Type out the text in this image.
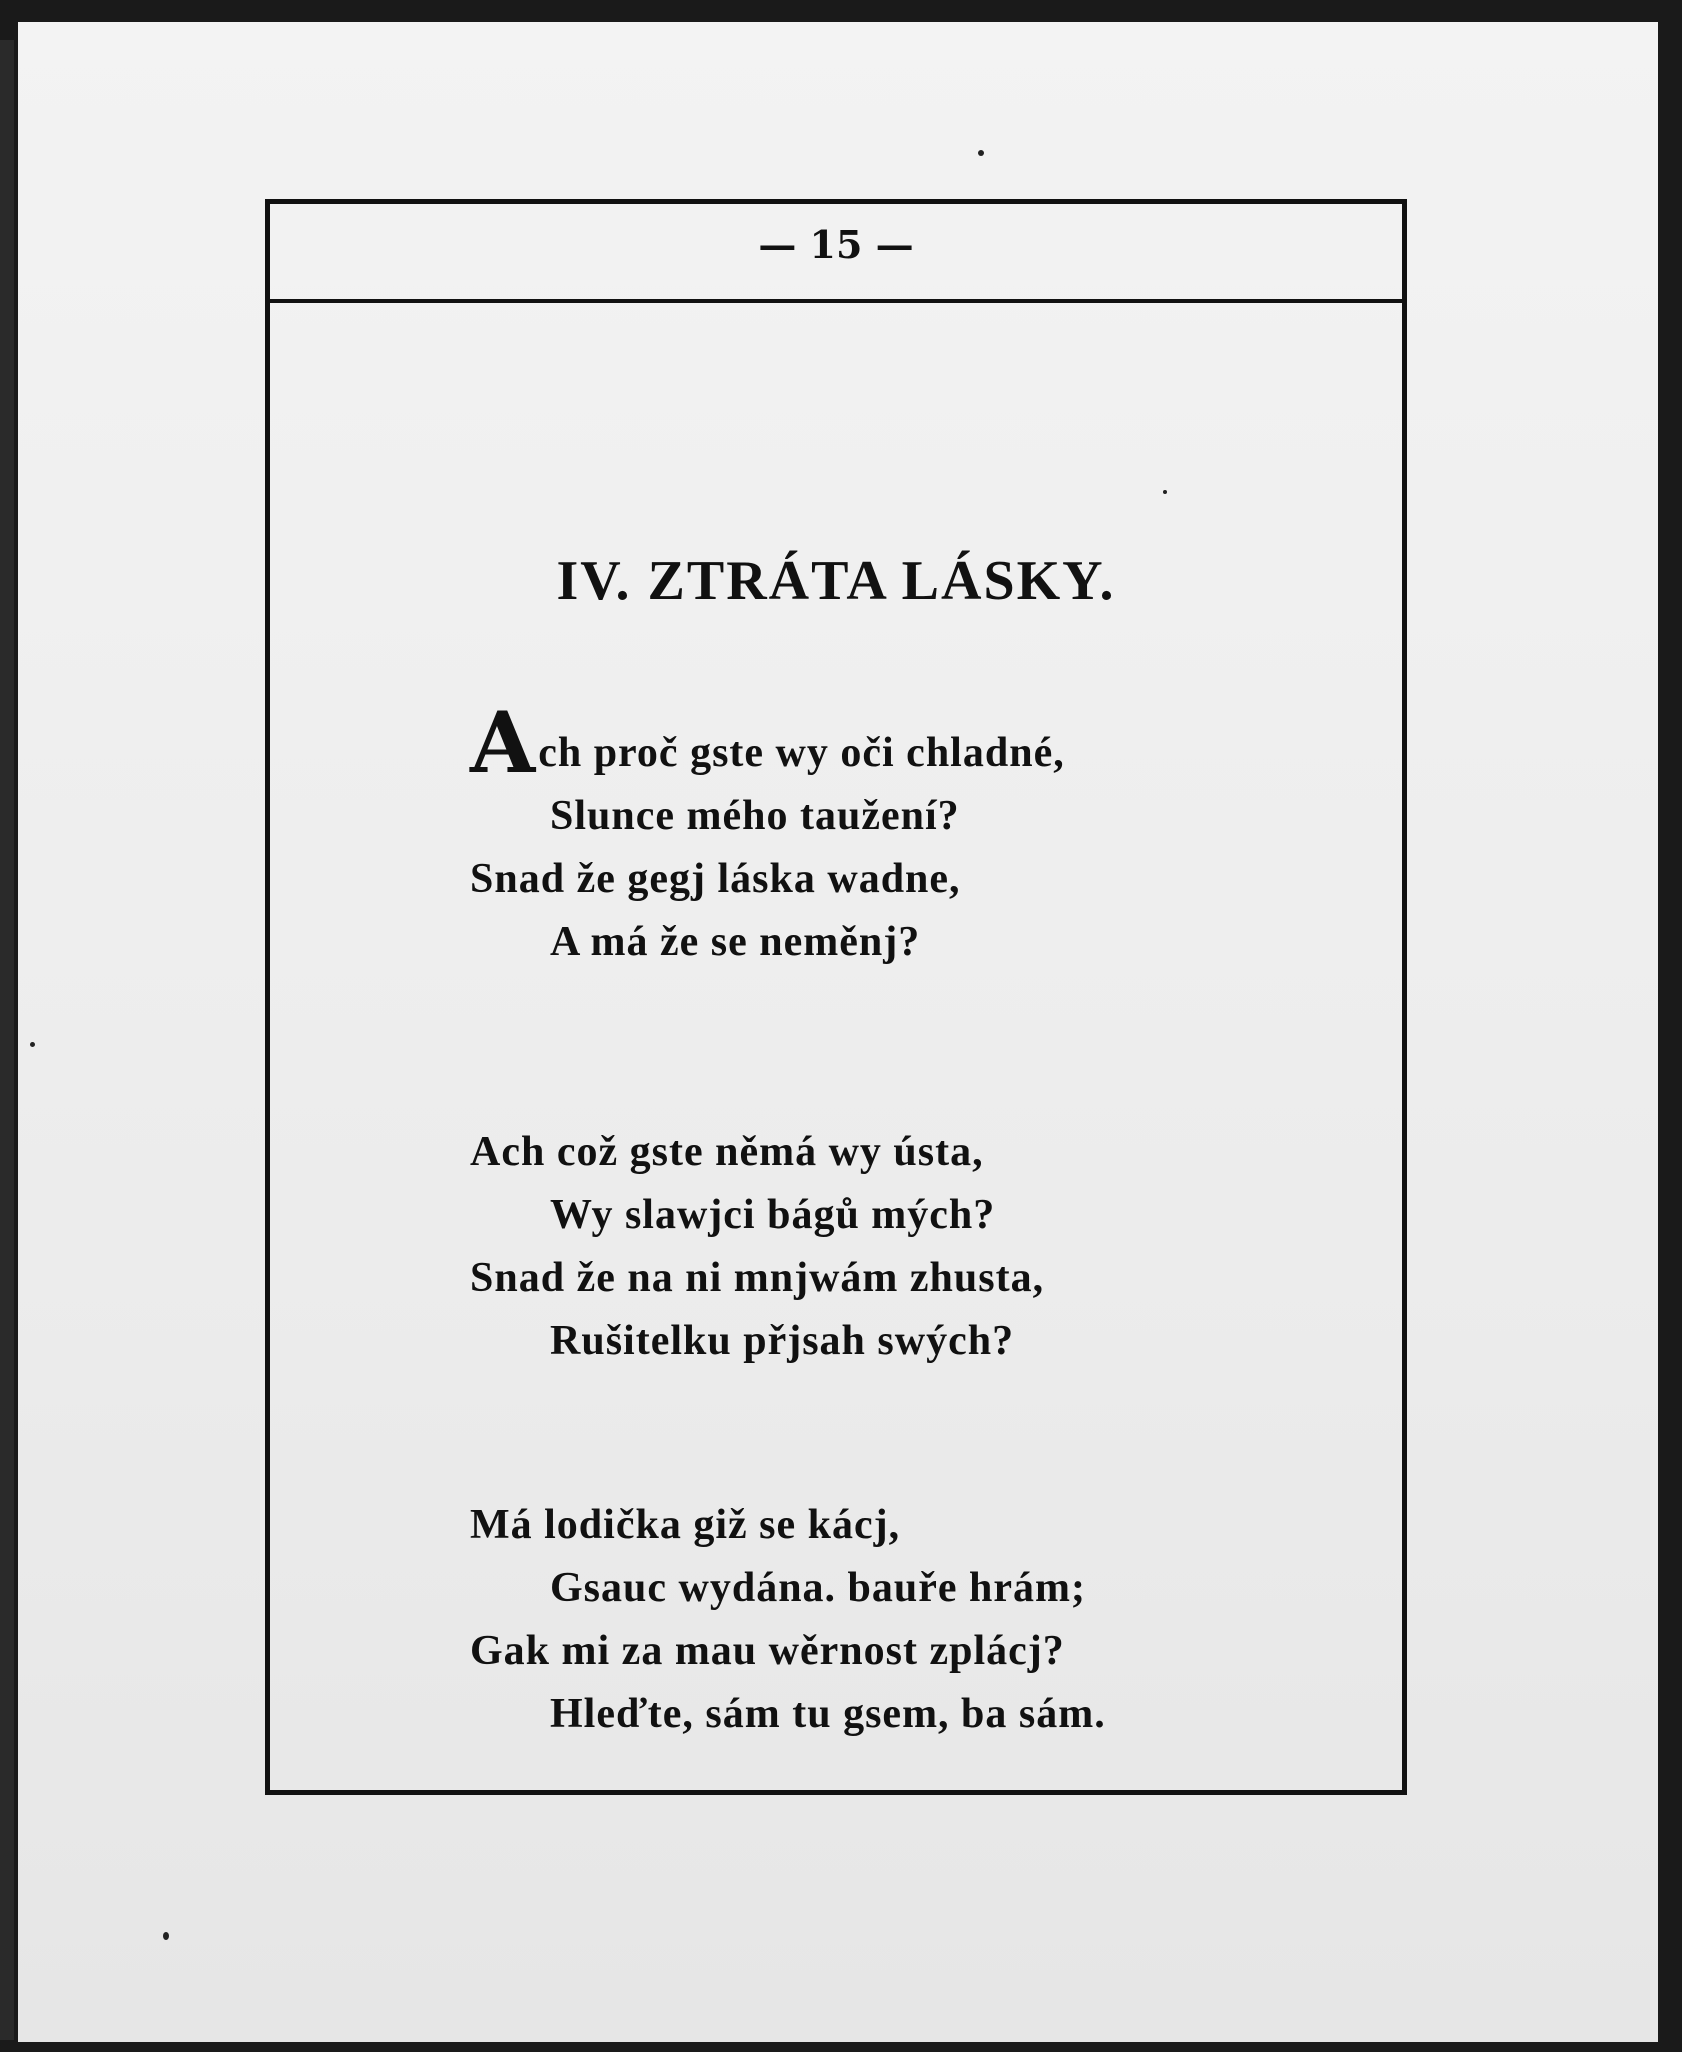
— 15 —
IV. ZTRÁTA LÁSKY.
Ach proč gste wy oči chladné,
Slunce mého taužení?
Snad že gegj láska wadne,
A má že se neměnj?
Ach což gste němá wy ústa,
Wy slawjci bágů mých?
Snad že na ni mnjwám zhusta,
Rušitelku přjsah swých?
Má lodička giž se kácj,
Gsauc wydána. bauře hrám;
Gak mi za mau wěrnost zplácj?
Hleďte, sám tu gsem, ba sám.
